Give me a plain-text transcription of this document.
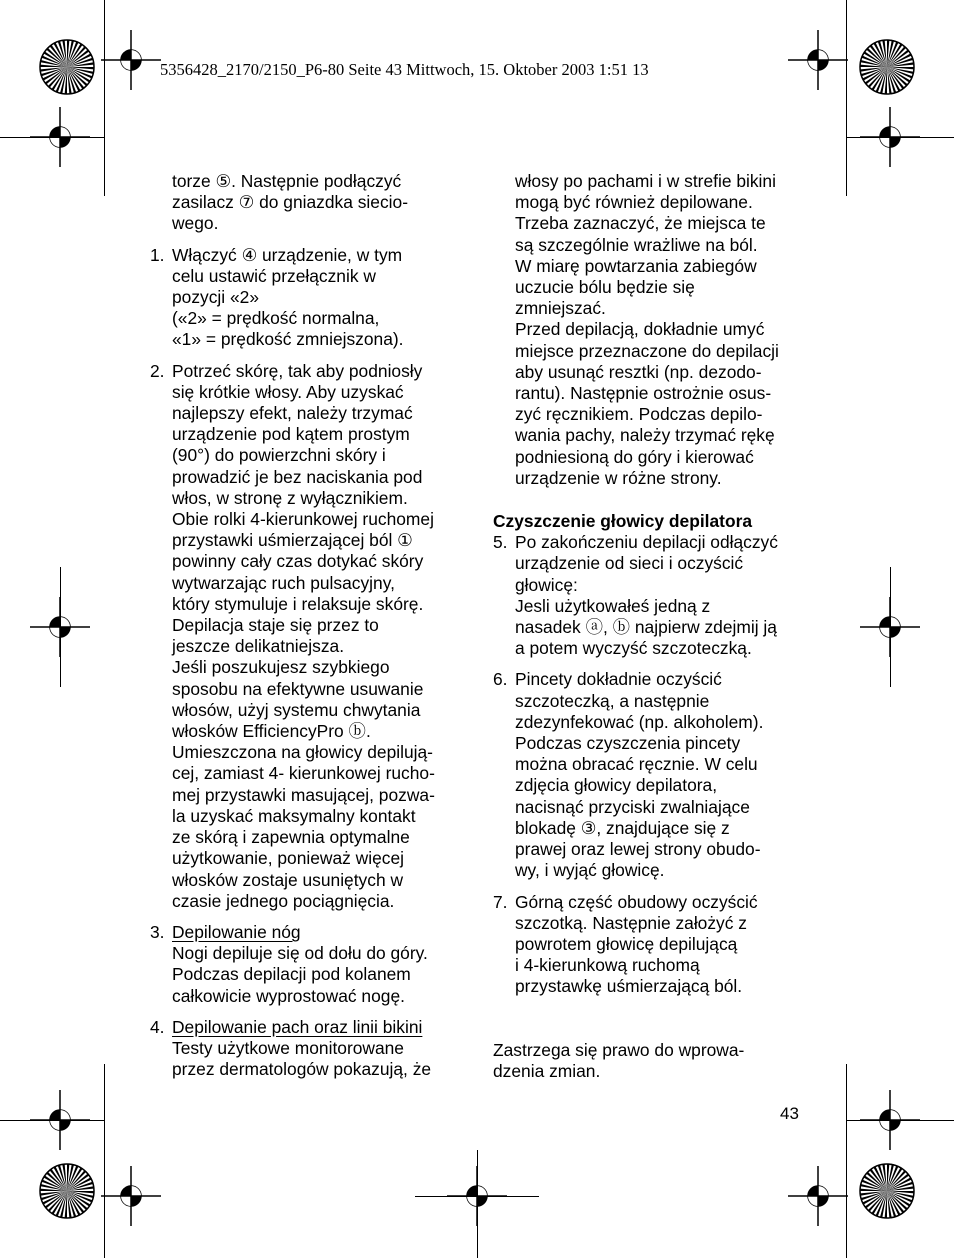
5356428_2170/2150_P6-80 Seite 43 Mittwoch, 15. Oktober 2003 1:51 13
torze ⑤. Następnie podłączyć
zasilacz ⑦ do gniazdka siecio-
wego.
1. Włączyć ④ urządzenie, w tym
celu ustawić przełącznik w
pozycji «2»
(«2» = prędkość normalna,
«1» = prędkość zmniejszona).
2. Potrzeć skórę, tak aby podniosły
się krótkie włosy. Aby uzyskać
najlepszy efekt, należy trzymać
urządzenie pod kątem prostym
(90°) do powierzchni skóry i
prowadzić je bez naciskania pod
włos, w stronę z wyłącznikiem.
Obie rolki 4-kierunkowej ruchomej
przystawki uśmierzającej ból ①
powinny cały czas dotykać skóry
wytwarzając ruch pulsacyjny,
który stymuluje i relaksuje skórę.
Depilacja staje się przez to
jeszcze delikatniejsza.
Jeśli poszukujesz szybkiego
sposobu na efektywne usuwanie
włosów, użyj systemu chwytania
włosków EfficiencyPro ⓑ.
Umieszczona na głowicy depilują-
cej, zamiast 4- kierunkowej rucho-
mej przystawki masującej, pozwa-
la uzyskać maksymalny kontakt
ze skórą i zapewnia optymalne
użytkowanie, ponieważ więcej
włosków zostaje usuniętych w
czasie jednego pociągnięcia.
3. Depilowanie nóg
Nogi depiluje się od dołu do góry.
Podczas depilacji pod kolanem
całkowicie wyprostować nogę.
4. Depilowanie pach oraz linii bikini
Testy użytkowe monitorowane
przez dermatologów pokazują, że
włosy po pachami i w strefie bikini
mogą być również depilowane.
Trzeba zaznaczyć, że miejsca te
są szczególnie wrażliwe na ból.
W miarę powtarzania zabiegów
uczucie bólu będzie się
zmniejszać.
Przed depilacją, dokładnie umyć
miejsce przeznaczone do depilacji
aby usunąć resztki (np. dezodo-
rantu). Następnie ostrożnie osus-
zyć ręcznikiem. Podczas depilo-
wania pachy, należy trzymać rękę
podniesioną do góry i kierować
urządzenie w różne strony.
Czyszczenie głowicy depilatora
5. Po zakończeniu depilacji odłączyć
urządzenie od sieci i oczyścić
głowicę:
Jesli użytkowałeś jedną z
nasadek ⓐ, ⓑ najpierw zdejmij ją
a potem wyczyść szczoteczką.
6. Pincety dokładnie oczyścić
szczoteczką, a następnie
zdezynfekować (np. alkoholem).
Podczas czyszczenia pincety
można obracać ręcznie. W celu
zdjęcia głowicy depilatora,
nacisnąć przyciski zwalniające
blokadę ③, znajdujące się z
prawej oraz lewej strony obudo-
wy, i wyjąć głowicę.
7. Górną część obudowy oczyścić
szczotką. Następnie założyć z
powrotem głowicę depilującą
i 4-kierunkową ruchomą
przystawkę uśmierzającą ból.
Zastrzega się prawo do wprowa-
dzenia zmian.
43
